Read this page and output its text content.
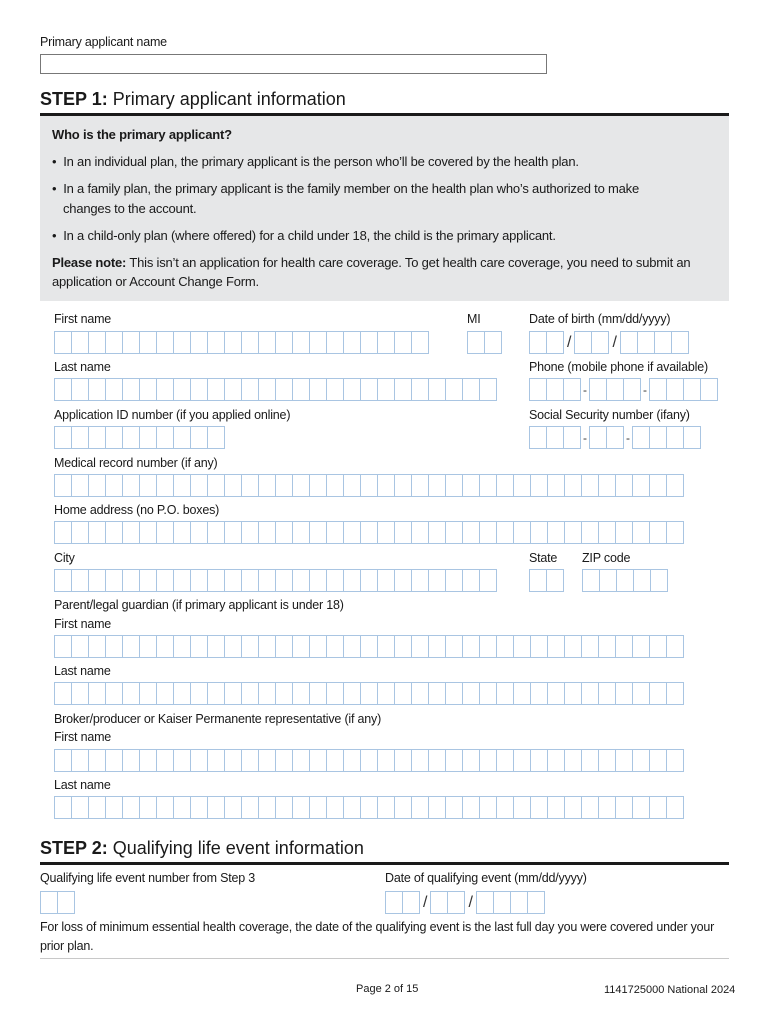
Primary applicant name
STEP 1: Primary applicant information
Who is the primary applicant?
•  In an individual plan, the primary applicant is the person who’ll be covered by the health plan.
•  In a family plan, the primary applicant is the family member on the health plan who’s authorized to make
changes to the account.
•  In a child-only plan (where offered) for a child under 18, the child is the primary applicant.
Please note: This isn’t an application for health care coverage. To get health care coverage, you need to submit an
application or Account Change Form.
First name	MI	Date of birth (mm/dd/yyyy)
/	/
Last name	Phone (mobile phone if available)
-	-
Application ID number (if you applied online)	Social Security number (ifany)
-	-
Medical record number (if any)
Home address (no P.O. boxes)
City	State ZIP code
Parent/legal guardian (if primary applicant is under 18)
First name
Last name
Broker/producer or Kaiser Permanente representative (if any)
First name
Last name
STEP 2: Qualifying life event information
Qualifying life event number from Step 3	Date of qualifying event (mm/dd/yyyy)
/	/
For loss of minimum essential health coverage, the date of the qualifying event is the last full day you were covered under your
prior plan.
Page 2 of 15	1141725000 National 2024
